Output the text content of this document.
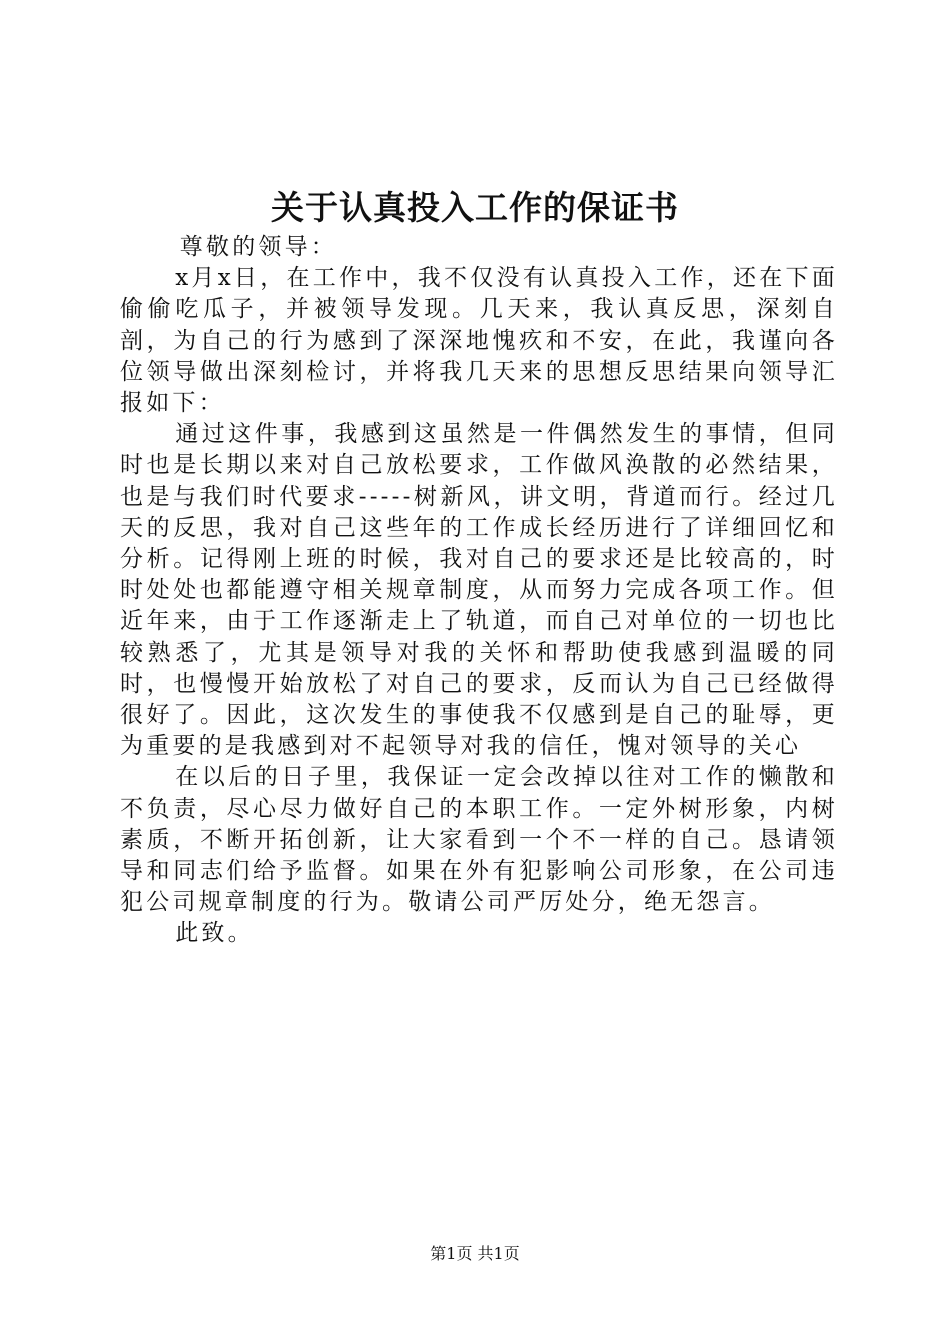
关于认真投入工作的保证书

尊敬的领导：

x月x日，在工作中，我不仅没有认真投入工作，还在下面偷偷吃瓜子，并被领导发现。几天来，我认真反思，深刻自剖，为自己的行为感到了深深地愧疚和不安，在此，我谨向各位领导做出深刻检讨，并将我几天来的思想反思结果向领导汇报如下：

通过这件事，我感到这虽然是一件偶然发生的事情，但同时也是长期以来对自己放松要求，工作做风涣散的必然结果，也是与我们时代要求-----树新风，讲文明，背道而行。经过几天的反思，我对自己这些年的工作成长经历进行了详细回忆和分析。记得刚上班的时候，我对自己的要求还是比较高的，时时处处也都能遵守相关规章制度，从而努力完成各项工作。但近年来，由于工作逐渐走上了轨道，而自己对单位的一切也比较熟悉了，尤其是领导对我的关怀和帮助使我感到温暖的同时，也慢慢开始放松了对自己的要求，反而认为自己已经做得很好了。因此，这次发生的事使我不仅感到是自己的耻辱，更为重要的是我感到对不起领导对我的信任，愧对领导的关心

在以后的日子里，我保证一定会改掉以往对工作的懒散和不负责，尽心尽力做好自己的本职工作。一定外树形象，内树素质，不断开拓创新，让大家看到一个不一样的自己。恳请领导和同志们给予监督。如果在外有犯影响公司形象，在公司违犯公司规章制度的行为。敬请公司严厉处分，绝无怨言。

此致。

第1页 共1页
